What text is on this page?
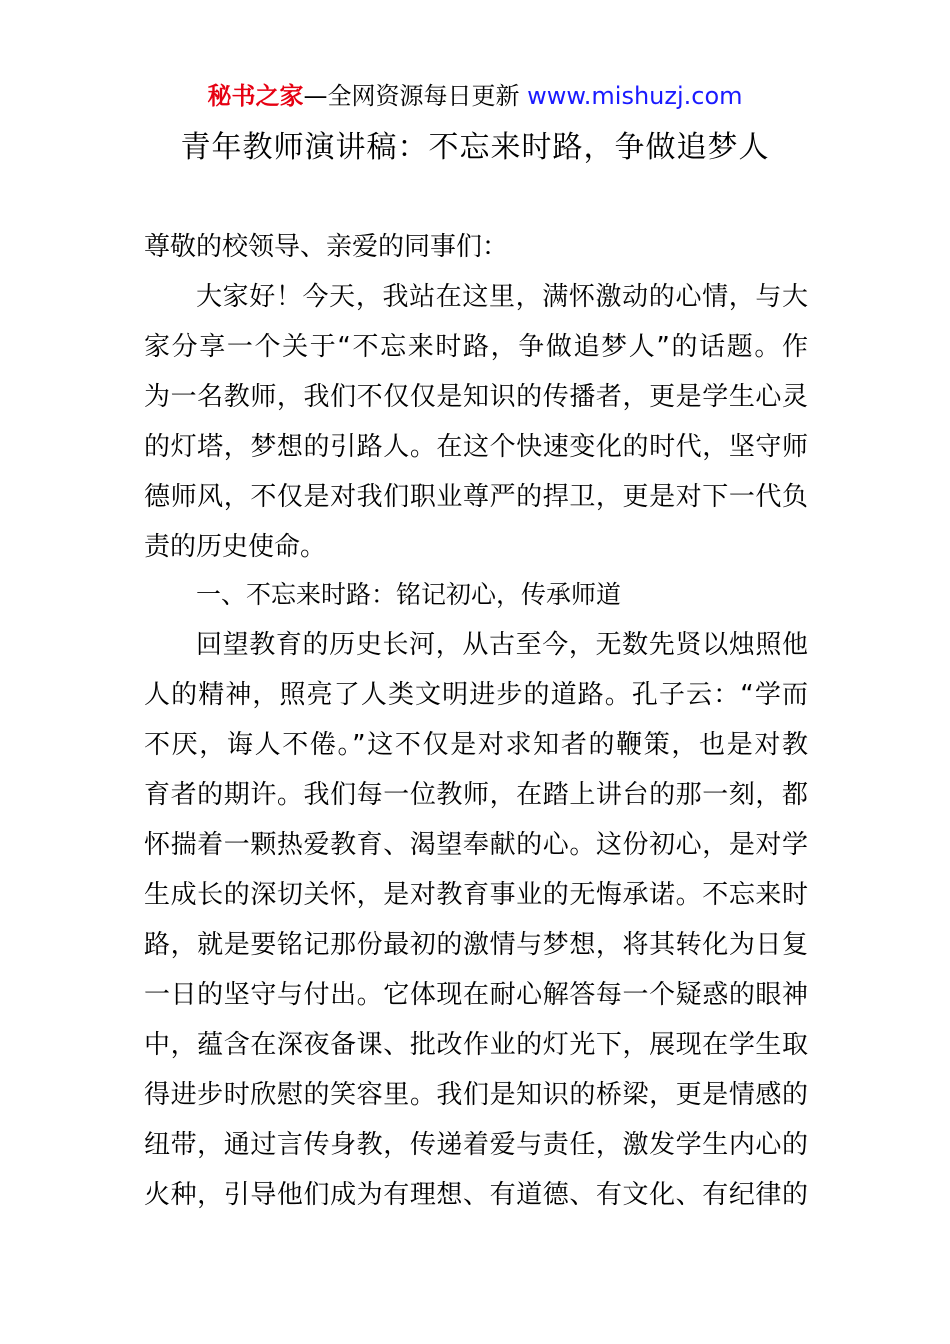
秘书之家—全网资源每日更新 www.mishuzj.com
青年教师演讲稿：不忘来时路，争做追梦人
尊敬的校领导、亲爱的同事们：
大家好！今天，我站在这里，满怀激动的心情，与大
家分享一个关于“不忘来时路，争做追梦人”的话题。作
为一名教师，我们不仅仅是知识的传播者，更是学生心灵
的灯塔，梦想的引路人。在这个快速变化的时代，坚守师
德师风，不仅是对我们职业尊严的捍卫，更是对下一代负
责的历史使命。
一、不忘来时路：铭记初心，传承师道
回望教育的历史长河，从古至今，无数先贤以烛照他
人的精神，照亮了人类文明进步的道路。孔子云：“学而
不厌，诲人不倦。”这不仅是对求知者的鞭策，也是对教
育者的期许。我们每一位教师，在踏上讲台的那一刻，都
怀揣着一颗热爱教育、渴望奉献的心。这份初心，是对学
生成长的深切关怀，是对教育事业的无悔承诺。不忘来时
路，就是要铭记那份最初的激情与梦想，将其转化为日复
一日的坚守与付出。它体现在耐心解答每一个疑惑的眼神
中，蕴含在深夜备课、批改作业的灯光下，展现在学生取
得进步时欣慰的笑容里。我们是知识的桥梁，更是情感的
纽带，通过言传身教，传递着爱与责任，激发学生内心的
火种，引导他们成为有理想、有道德、有文化、有纪律的
